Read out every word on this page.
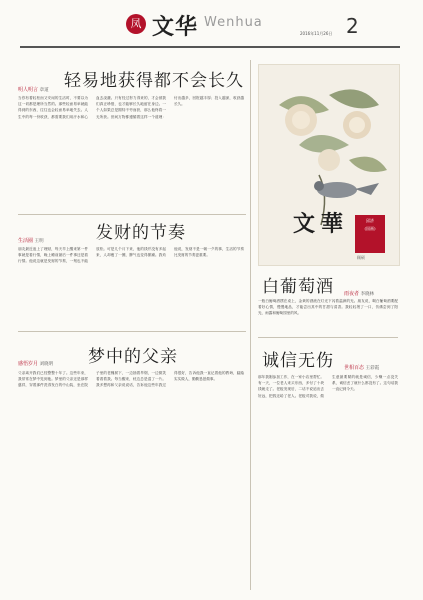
凤 文华 Wenhua
2016年11月26日 2
轻易地获得都不会长久
明人明言 章道
当你有着轻松而又安闲的生活时，不要以为这一切都是理所当然的。那些轻而易举就能得到的东西，往往也会轻而易举地失去。人生中的每一份收获，都需要我们用汗水和心血去浇灌。只有经过努力得来的，才会被我们真正珍惜，也才能够长久地留在身边。一个人如果总是期待不劳而获，那么他终将一无所获。世间万物都遵循着这样一个道理：付出越多，回报越丰厚；投入越深，收获越长久。
发财的节奏
生活圈 王明
朋友最近迷上了理财，每天早上醒来第一件事就是看行情，晚上睡前最后一件事还是看行情。他说这就是发财的节奏，一刻也不能放松。可是几个月下来，他的钱并没有多起来，人却瘦了一圈，脾气也变得暴躁。我劝他说，发财不是一朝一夕的事，生活的节奏比发财的节奏更重要。
梦中的父亲
感悟岁月 刘晓明
父亲离开我们已经整整十年了。这些年来，我常常在梦中见到他。梦里的父亲还是那样慈祥，穿着那件洗得发白的中山装，坐在院子里的老槐树下，一边抽着旱烟，一边微笑着看着我。每当醒来，枕边总是湿了一片。我多想再和父亲说说话，告诉他这些年我过得很好，告诉他我一直记着他的教诲，踏踏实实做人，勤勤恳恳做事。
文華	邱济
(国画)
顾硕
白葡萄酒 雨夜者 李晓林
一瓶白葡萄酒摆在桌上，金黄的酒液在灯光下闪着温润的光。朋友说，喝白葡萄酒要配着好心情，慢慢地品，才能尝出其中的甘甜与清香。我轻轻抿了一口，仿佛尝到了阳光、雨露和葡萄园里的风。
诚信无伤 世相百态 王彩霞
那年我刚参加工作，在一家小店里帮忙。有一天，一位老人来买东西，多付了十块钱就走了。老板发现后，二话不说追出去好远，把钱还给了老人。老板对我说，做生意最要紧的就是诚信，少赚一点没关系，诚信丢了就什么都没有了。这句话我一直记到今天。
